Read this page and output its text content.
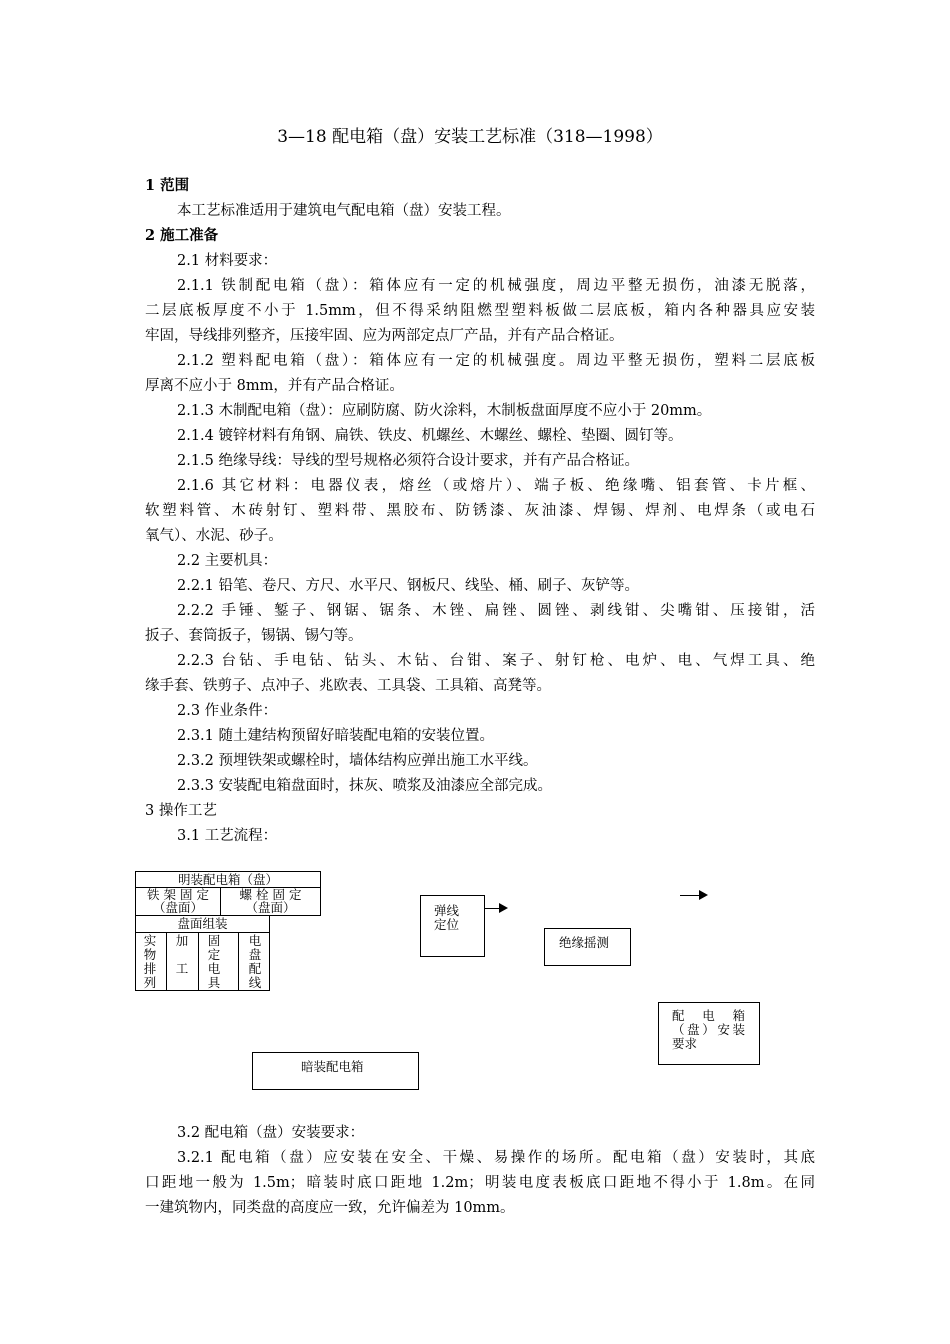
3—18 配电箱（盘）安装工艺标准（318—1998）
1 范围
本工艺标准适用于建筑电气配电箱（盘）安装工程。
2 施工准备
2.1 材料要求：
2.1.1 铁制配电箱（盘）：箱体应有一定的机械强度，周边平整无损伤，油漆无脱落，
二层底板厚度不小于 1.5mm，但不得采纳阻燃型塑料板做二层底板，箱内各种器具应安装
牢固，导线排列整齐，压接牢固、应为两部定点厂产品，并有产品合格证。
2.1.2 塑料配电箱（盘）：箱体应有一定的机械强度。周边平整无损伤，塑料二层底板
厚离不应小于 8mm，并有产品合格证。
2.1.3 木制配电箱（盘）：应刷防腐、防火涂料，木制板盘面厚度不应小于 20mm。
2.1.4 镀锌材料有角钢、扁铁、铁皮、机螺丝、木螺丝、螺栓、垫圈、圆钉等。
2.1.5 绝缘导线：导线的型号规格必须符合设计要求，并有产品合格证。
2.1.6 其它材料：电器仪表，熔丝（或熔片）、端子板、绝缘嘴、铝套管、卡片框、
软塑料管、木砖射钉、塑料带、黑胶布、防锈漆、灰油漆、焊锡、焊剂、电焊条（或电石
氧气）、水泥、砂子。
2.2 主要机具：
2.2.1 铅笔、卷尺、方尺、水平尺、钢板尺、线坠、桶、刷子、灰铲等。
2.2.2 手锤、錾子、钢锯、锯条、木锉、扁锉、圆锉、剥线钳、尖嘴钳、压接钳，活
扳子、套筒扳子，锡锅、锡勺等。
2.2.3 台钻、手电钻、钻头、木钻、台钳、案子、射钉枪、电炉、电、气焊工具、绝
缘手套、铁剪子、点冲子、兆欧表、工具袋、工具箱、高凳等。
2.3 作业条件：
2.3.1 随土建结构预留好暗装配电箱的安装位置。
2.3.2 预埋铁架或螺栓时，墙体结构应弹出施工水平线。
2.3.3 安装配电箱盘面时，抹灰、喷浆及油漆应全部完成。
3 操作工艺
3.1 工艺流程：
明装配电箱（盘）
铁 架 固 定
（盘面）
螺 栓 固 定
（盘面）
盘面组装
实
物
排
列
加

工
固
定
电
具
电
盘
配
线
弹线
定位
绝缘摇测
配 电 箱
（盘）安装
要求
暗装配电箱
3.2 配电箱（盘）安装要求：
3.2.1 配电箱（盘）应安装在安全、干燥、易操作的场所。配电箱（盘）安装时，其底
口距地一般为 1.5m；暗装时底口距地 1.2m；明装电度表板底口距地不得小于 1.8m。在同
一建筑物内，同类盘的高度应一致，允许偏差为 10mm。
